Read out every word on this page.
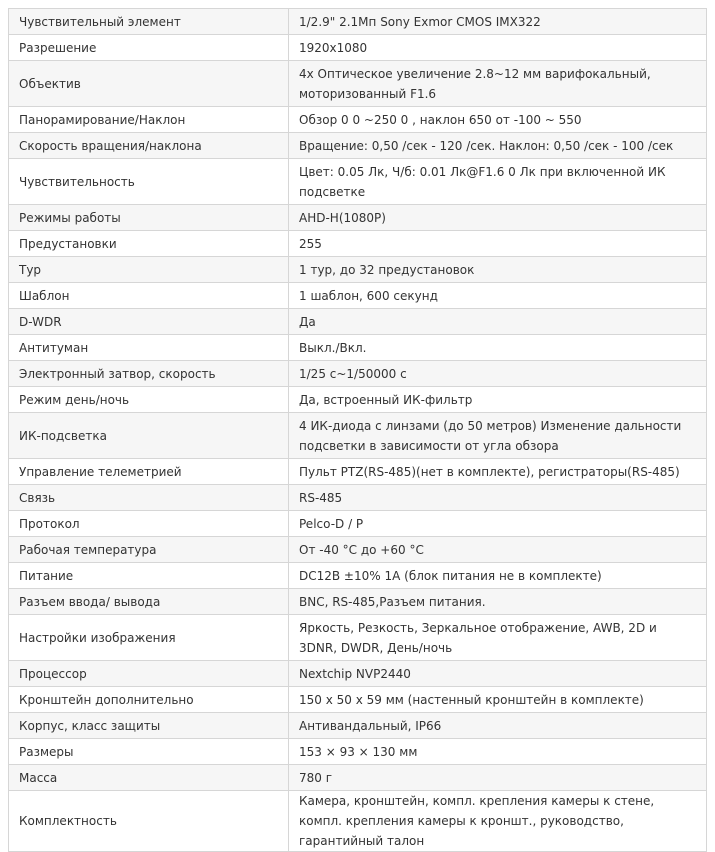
Чувствительный элемент	1/2.9" 2.1Мп Sony Exmor CMOS IMX322
Разрешение	1920x1080
Объектив	4х Оптическое увеличение 2.8~12 мм варифокальный, моторизованный F1.6
Панорамирование/Наклон	Обзор 0 0 ~250 0 , наклон 650 от -100 ~ 550
Скорость вращения/наклона	Вращение: 0,50 /сек - 120 /сек. Наклон: 0,50 /сек - 100 /сек
Чувствительность	Цвет: 0.05 Лк, Ч/б: 0.01 Лк@F1.6 0 Лк при включенной ИК подсветке
Режимы работы	AHD-H(1080P)
Предустановки	255
Тур	1 тур, до 32 предустановок
Шаблон	1 шаблон, 600 секунд
D-WDR	Да
Антитуман	Выкл./Вкл.
Электронный затвор, скорость	1/25 с~1/50000 с
Режим день/ночь	Да, встроенный ИК-фильтр
ИК-подсветка	4 ИК-диода с линзами (до 50 метров) Изменение дальности подсветки в зависимости от угла обзора
Управление телеметрией	Пульт PTZ(RS-485)(нет в комплекте), регистраторы(RS-485)
Связь	RS-485
Протокол	Pelco-D / P
Рабочая температура	От -40 °С до +60 °С
Питание	DC12В ±10% 1А (блок питания не в комплекте)
Разъем ввода/ вывода	BNC, RS-485,Разъем питания.
Настройки изображения	Яркость, Резкость, Зеркальное отображение, AWB, 2D и 3DNR, DWDR, День/ночь
Процессор	Nextchip NVP2440
Кронштейн дополнительно	150 х 50 х 59 мм (настенный кронштейн в комплекте)
Корпус, класс защиты	Антивандальный, IP66
Размеры	153 × 93 × 130 мм
Масса	780 г
Комплектность	Камера, кронштейн, компл. крепления камеры к стене, компл. крепления камеры к кроншт., руководство, гарантийный талон
